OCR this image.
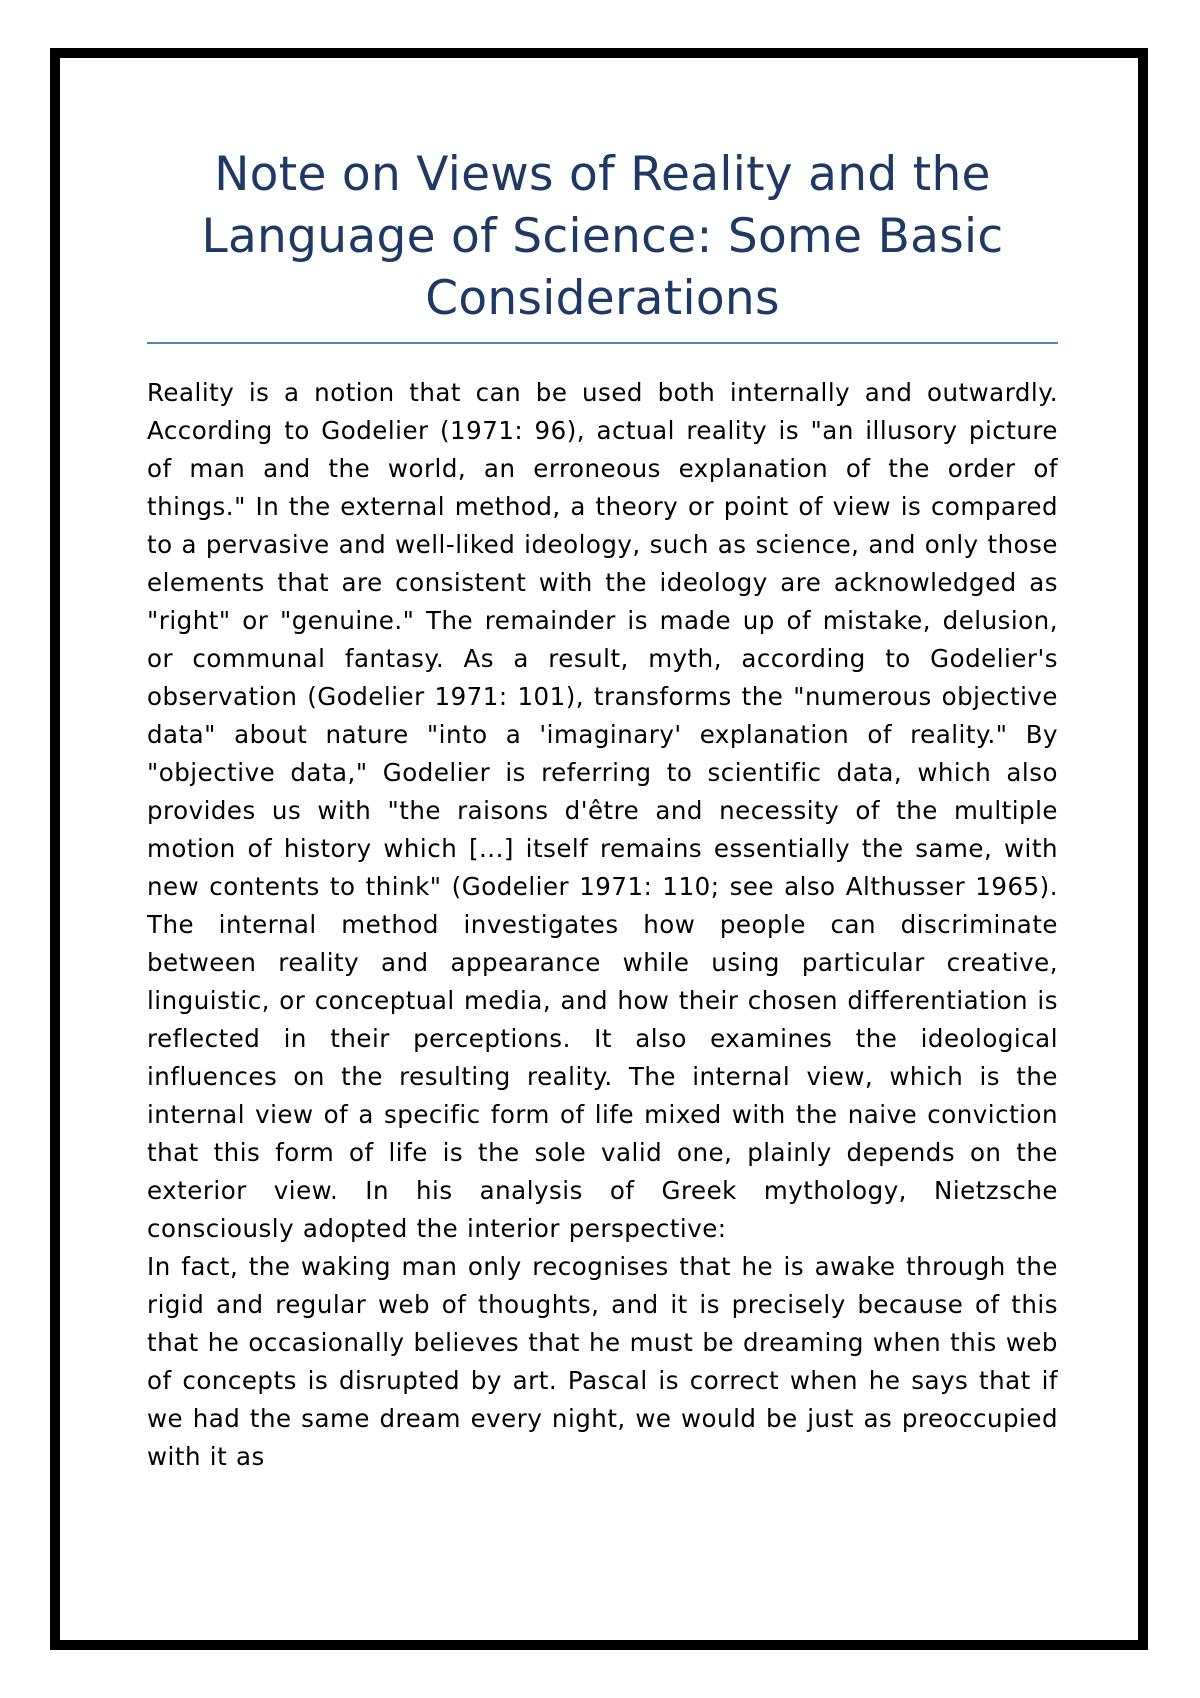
Note on Views of Reality and the Language of Science: Some Basic Considerations

Reality is a notion that can be used both internally and outwardly. According to Godelier (1971: 96), actual reality is "an illusory picture of man and the world, an erroneous explanation of the order of things." In the external method, a theory or point of view is compared to a pervasive and well-liked ideology, such as science, and only those elements that are consistent with the ideology are acknowledged as "right" or "genuine." The remainder is made up of mistake, delusion, or communal fantasy. As a result, myth, according to Godelier's observation (Godelier 1971: 101), transforms the "numerous objective data" about nature "into a 'imaginary' explanation of reality." By "objective data," Godelier is referring to scientific data, which also provides us with "the raisons d'être and necessity of the multiple motion of history which [...] itself remains essentially the same, with new contents to think" (Godelier 1971: 110; see also Althusser 1965). The internal method investigates how people can discriminate between reality and appearance while using particular creative, linguistic, or conceptual media, and how their chosen differentiation is reflected in their perceptions. It also examines the ideological influences on the resulting reality. The internal view, which is the internal view of a specific form of life mixed with the naive conviction that this form of life is the sole valid one, plainly depends on the exterior view. In his analysis of Greek mythology, Nietzsche consciously adopted the interior perspective:

In fact, the waking man only recognises that he is awake through the rigid and regular web of thoughts, and it is precisely because of this that he occasionally believes that he must be dreaming when this web of concepts is disrupted by art. Pascal is correct when he says that if we had the same dream every night, we would be just as preoccupied with it as
